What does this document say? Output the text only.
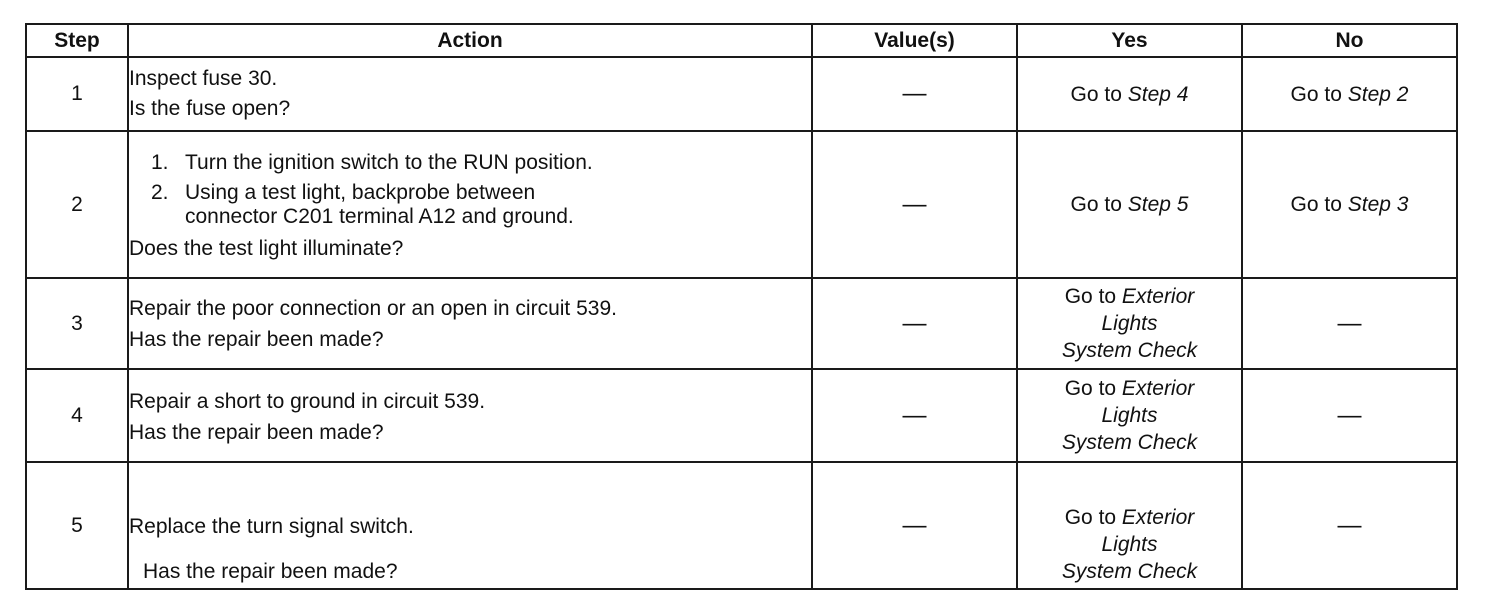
Step	Action	Value(s)	Yes	No
1	Inspect fuse 30.
Is the fuse open?	—	Go to Step 4	Go to Step 2
2	1. Turn the ignition switch to the RUN position.
2. Using a test light, backprobe between connector C201 terminal A12 and ground.
Does the test light illuminate?	—	Go to Step 5	Go to Step 3
3	Repair the poor connection or an open in circuit 539.
Has the repair been made?	—	Go to Exterior
Lights
System Check	—
4	Repair a short to ground in circuit 539.
Has the repair been made?	—	Go to Exterior
Lights
System Check	—
5	Replace the turn signal switch.
Has the repair been made?	—	Go to Exterior
Lights
System Check	—
